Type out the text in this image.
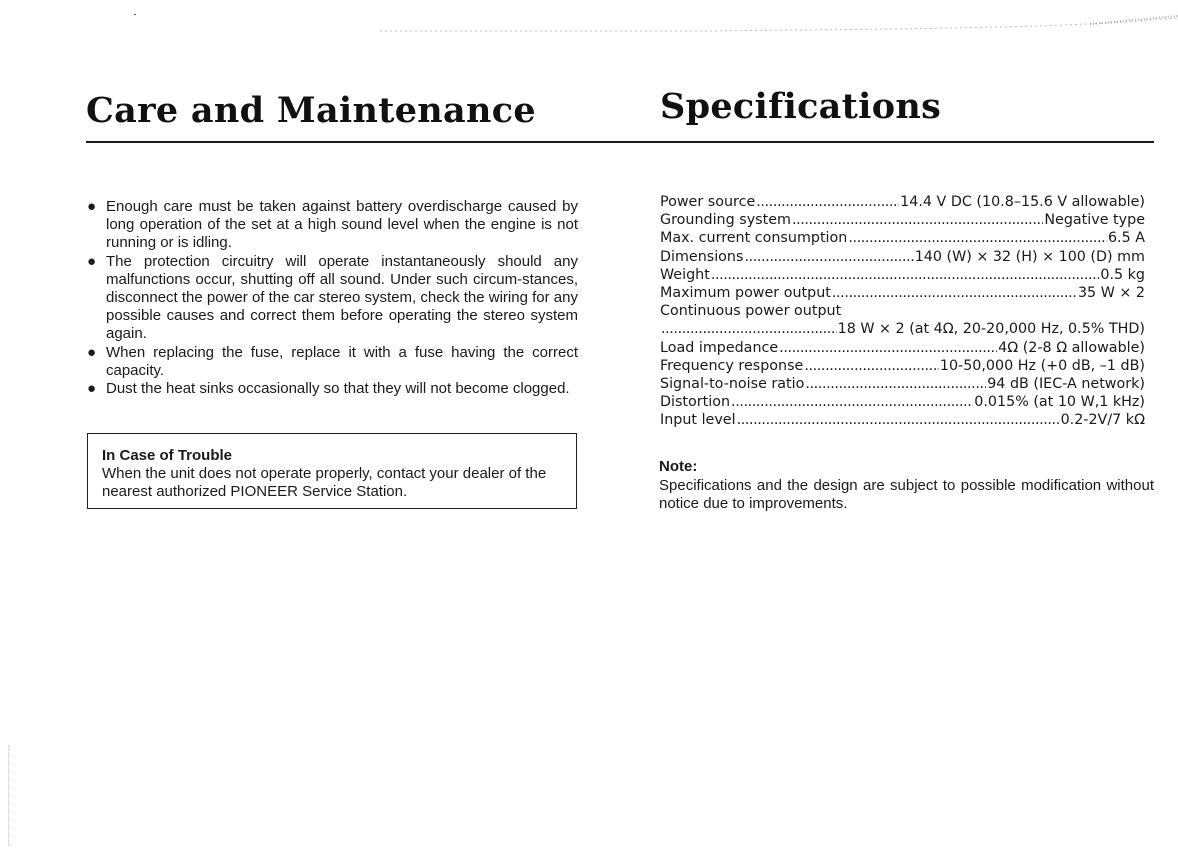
Care and Maintenance	Specifications
● Enough care must be taken against battery overdischarge caused by long operation of the set at a high sound level when the engine is not running or is idling.
● The protection circuitry will operate instantaneously should any malfunctions occur, shutting off all sound. Under such circum-stances, disconnect the power of the car stereo system, check the wiring for any possible causes and correct them before operating the stereo system again.
● When replacing the fuse, replace it with a fuse having the correct capacity.
● Dust the heat sinks occasionally so that they will not become clogged.

In Case of Trouble

When the unit does not operate properly, contact your dealer of the nearest authorized PIONEER Service Station.

Power source .....	14.4 V DC (10.8–15.6 V allowable)
Grounding system .....	Negative type
Max. current consumption .....	6.5 A
Dimensions .....	140 (W) × 32 (H) × 100 (D) mm
Weight .....	0.5 kg
Maximum power output .....	35 W × 2
Continuous power output
.....
18 W × 2 (at 4Ω, 20-20,000 Hz, 0.5% THD)
Load impedance .....	4Ω (2-8 Ω allowable)
Frequency response .....	10-50,000 Hz (+0 dB, –1 dB)
Signal-to-noise ratio .....	94 dB (IEC-A network)
Distortion .....	0.015% (at 10 W,1 kHz)
Input level .....	0.2-2V/7 kΩ

Note:

Specifications and the design are subject to possible modification without notice due to improvements.
